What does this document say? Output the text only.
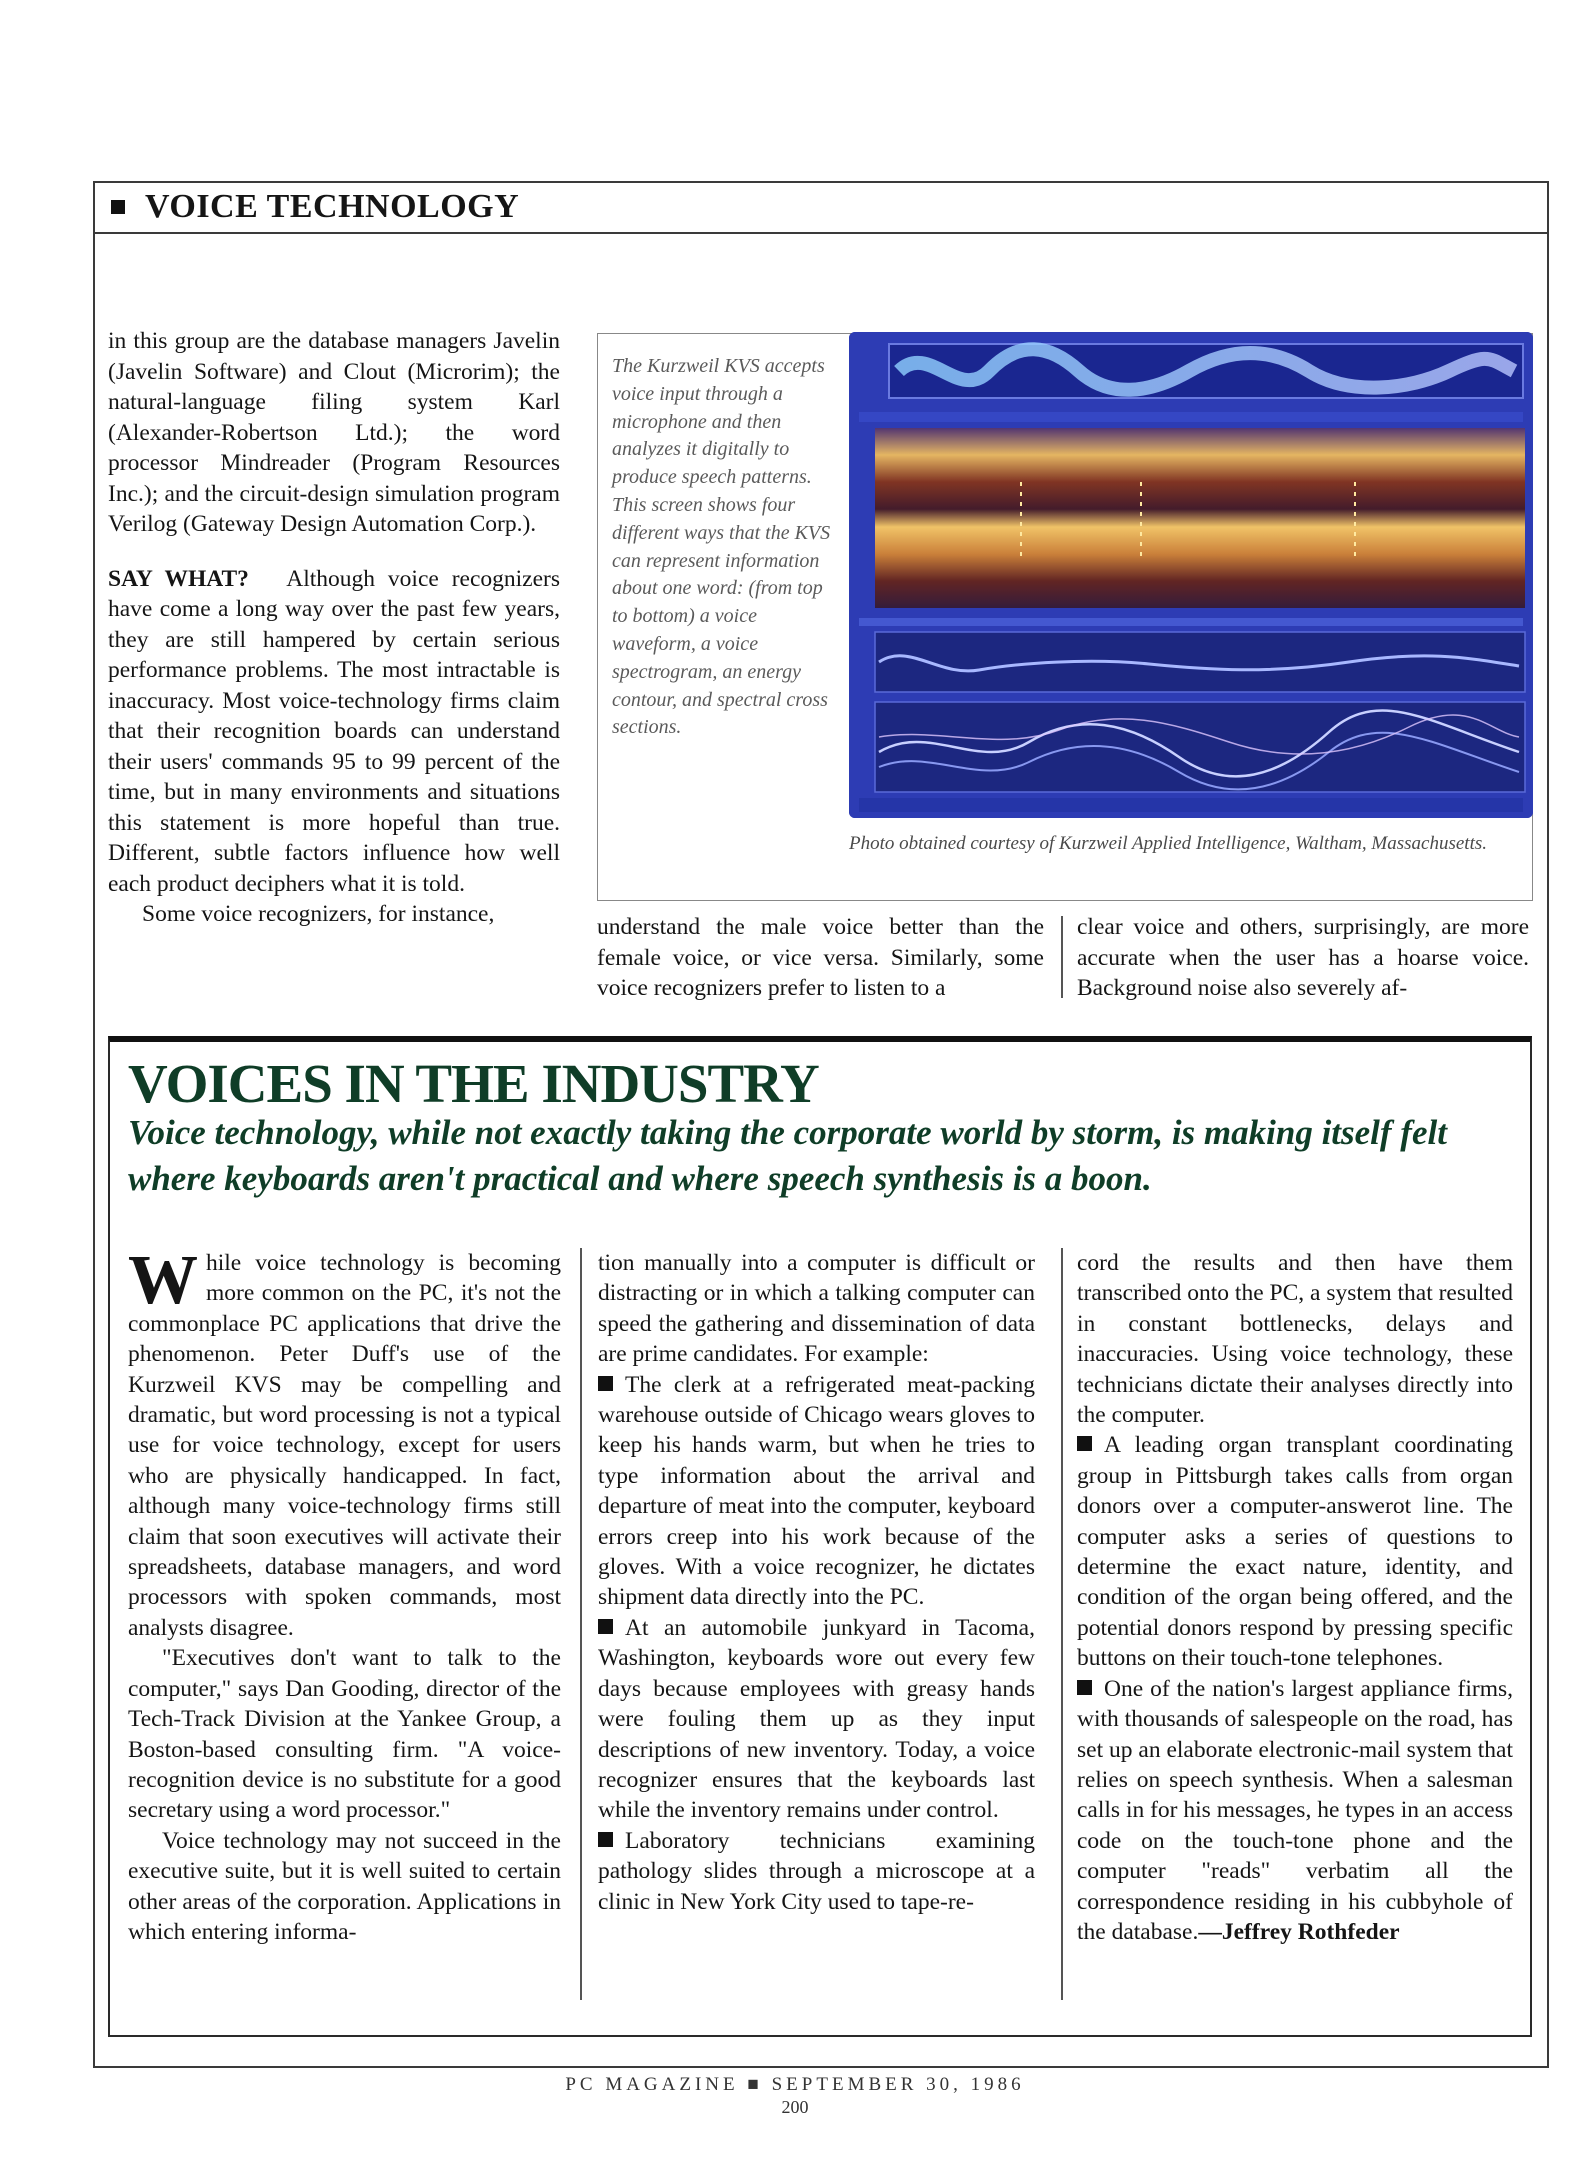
VOICE TECHNOLOGY

in this group are the database managers Javelin (Javelin Software) and Clout (Microrim); the natural-language filing system Karl (Alexander-Robertson Ltd.); the word processor Mindreader (Program Resources Inc.); and the circuit-design simulation program Verilog (Gateway Design Automation Corp.).

SAY WHAT? Although voice recognizers have come a long way over the past few years, they are still hampered by certain serious performance problems. The most intractable is inaccuracy. Most voice-technology firms claim that their recognition boards can understand their users' commands 95 to 99 percent of the time, but in many environments and situations this statement is more hopeful than true. Different, subtle factors influence how well each product deciphers what it is told.

Some voice recognizers, for instance,

The Kurzweil KVS accepts voice input through a microphone and then analyzes it digitally to produce speech patterns. This screen shows four different ways that the KVS can represent information about one word: (from top to bottom) a voice waveform, a voice spectrogram, an energy contour, and spectral cross sections.
Photo obtained courtesy of Kurzweil Applied Intelligence, Waltham, Massachusetts.

understand the male voice better than the female voice, or vice versa. Similarly, some voice recognizers prefer to listen to a

clear voice and others, surprisingly, are more accurate when the user has a hoarse voice. Background noise also severely af-

VOICES IN THE INDUSTRY
Voice technology, while not exactly taking the corporate world by storm, is making itself felt where keyboards aren't practical and where speech synthesis is a boon.

While voice technology is becoming more common on the PC, it's not the commonplace PC applications that drive the phenomenon. Peter Duff's use of the Kurzweil KVS may be compelling and dramatic, but word processing is not a typical use for voice technology, except for users who are physically handicapped. In fact, although many voice-technology firms still claim that soon executives will activate their spreadsheets, database managers, and word processors with spoken commands, most analysts disagree.

"Executives don't want to talk to the computer," says Dan Gooding, director of the Tech-Track Division at the Yankee Group, a Boston-based consulting firm. "A voice-recognition device is no substitute for a good secretary using a word processor."

Voice technology may not succeed in the executive suite, but it is well suited to certain other areas of the corporation. Applications in which entering informa-

tion manually into a computer is difficult or distracting or in which a talking computer can speed the gathering and dissemination of data are prime candidates. For example:

The clerk at a refrigerated meat-packing warehouse outside of Chicago wears gloves to keep his hands warm, but when he tries to type information about the arrival and departure of meat into the computer, keyboard errors creep into his work because of the gloves. With a voice recognizer, he dictates shipment data directly into the PC.

At an automobile junkyard in Tacoma, Washington, keyboards wore out every few days because employees with greasy hands were fouling them up as they input descriptions of new inventory. Today, a voice recognizer ensures that the keyboards last while the inventory remains under control.

Laboratory technicians examining pathology slides through a microscope at a clinic in New York City used to tape-re-

cord the results and then have them transcribed onto the PC, a system that resulted in constant bottlenecks, delays and inaccuracies. Using voice technology, these technicians dictate their analyses directly into the computer.

A leading organ transplant coordinating group in Pittsburgh takes calls from organ donors over a computer-answerot line. The computer asks a series of questions to determine the exact nature, identity, and condition of the organ being offered, and the potential donors respond by pressing specific buttons on their touch-tone telephones.

One of the nation's largest appliance firms, with thousands of salespeople on the road, has set up an elaborate electronic-mail system that relies on speech synthesis. When a salesman calls in for his messages, he types in an access code on the touch-tone phone and the computer "reads" verbatim all the correspondence residing in his cubbyhole of the database.—Jeffrey Rothfeder

PC MAGAZINE ■ SEPTEMBER 30, 1986
200
